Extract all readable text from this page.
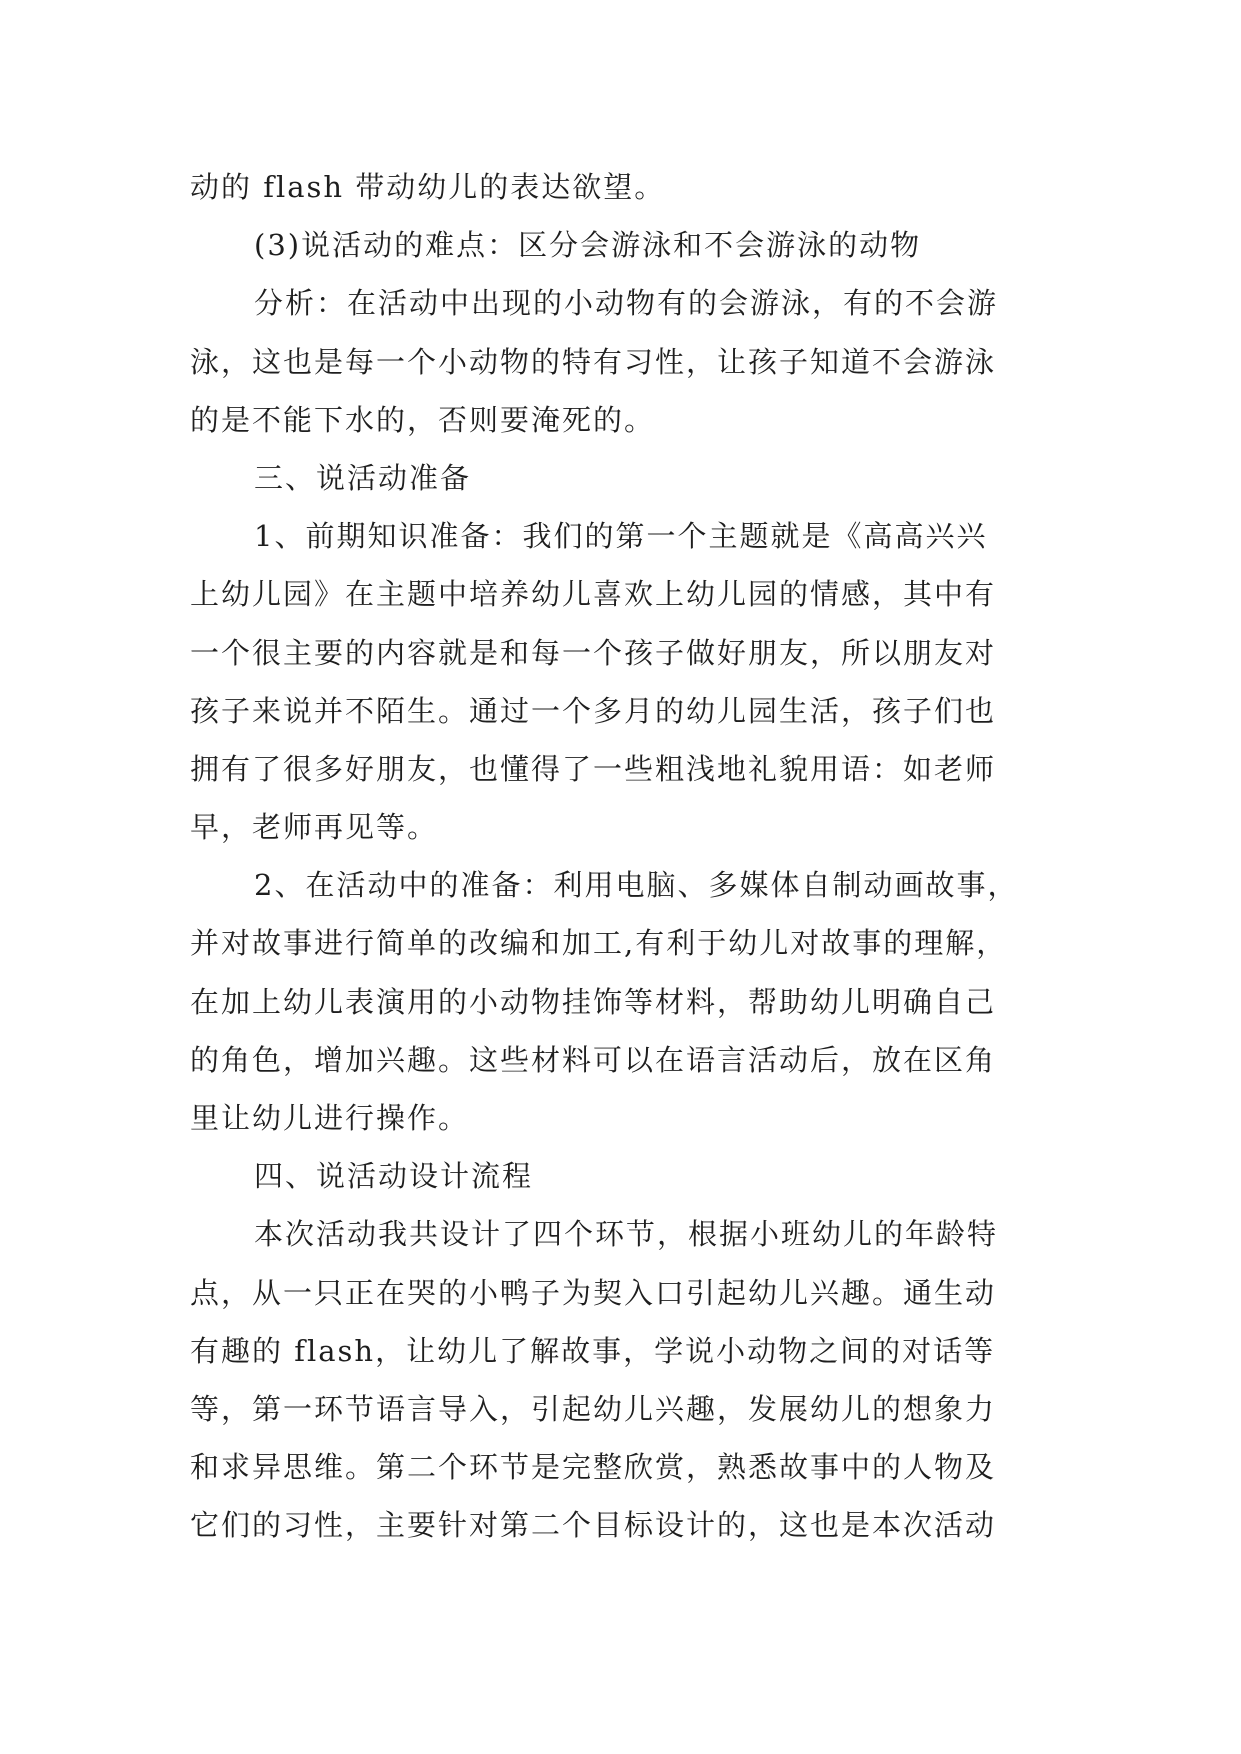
动的 flash 带动幼儿的表达欲望。
(3)说活动的难点：区分会游泳和不会游泳的动物
分析：在活动中出现的小动物有的会游泳，有的不会游
泳，这也是每一个小动物的特有习性，让孩子知道不会游泳
的是不能下水的，否则要淹死的。
三、说活动准备
1、前期知识准备：我们的第一个主题就是《高高兴兴
上幼儿园》在主题中培养幼儿喜欢上幼儿园的情感，其中有
一个很主要的内容就是和每一个孩子做好朋友，所以朋友对
孩子来说并不陌生。通过一个多月的幼儿园生活，孩子们也
拥有了很多好朋友，也懂得了一些粗浅地礼貌用语：如老师
早，老师再见等。
2、在活动中的准备：利用电脑、多媒体自制动画故事，
并对故事进行简单的改编和加工,有利于幼儿对故事的理解，
在加上幼儿表演用的小动物挂饰等材料，帮助幼儿明确自己
的角色，增加兴趣。这些材料可以在语言活动后，放在区角
里让幼儿进行操作。
四、说活动设计流程
本次活动我共设计了四个环节，根据小班幼儿的年龄特
点，从一只正在哭的小鸭子为契入口引起幼儿兴趣。通生动
有趣的 flash，让幼儿了解故事，学说小动物之间的对话等
等，第一环节语言导入，引起幼儿兴趣，发展幼儿的想象力
和求异思维。第二个环节是完整欣赏，熟悉故事中的人物及
它们的习性，主要针对第二个目标设计的，这也是本次活动
